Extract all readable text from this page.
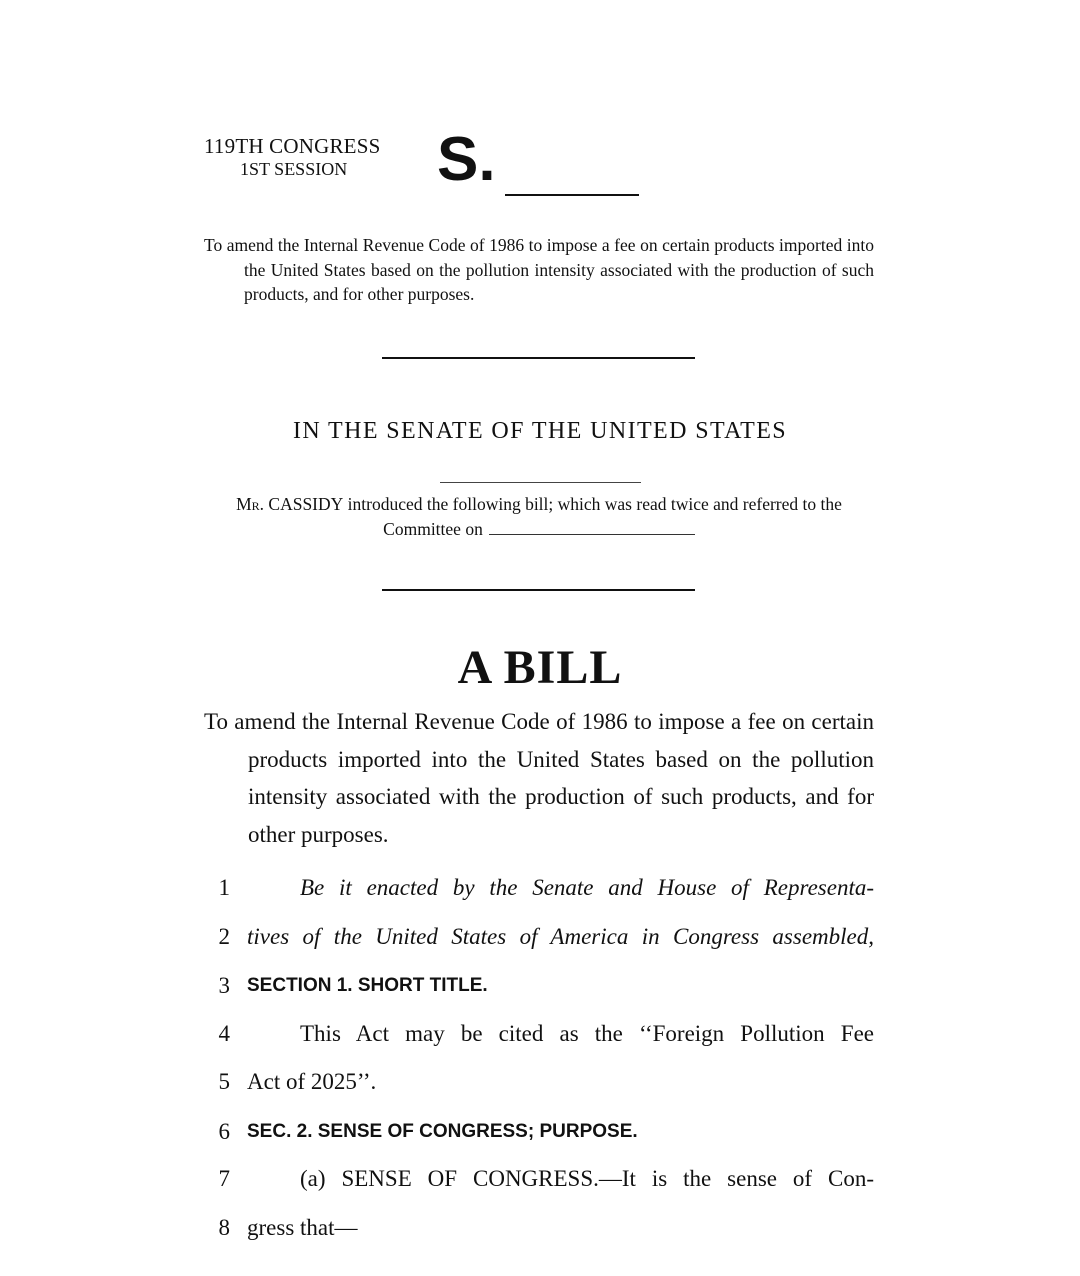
119TH CONGRESS
1ST SESSION S.
To amend the Internal Revenue Code of 1986 to impose a fee on certain products imported into the United States based on the pollution intensity associated with the production of such products, and for other purposes.
IN THE SENATE OF THE UNITED STATES
Mr. CASSIDY introduced the following bill; which was read twice and referred to the Committee on
A BILL
To amend the Internal Revenue Code of 1986 to impose a fee on certain products imported into the United States based on the pollution intensity associated with the production of such products, and for other purposes.
1	Be it enacted by the Senate and House of Representa-
2 tives of the United States of America in Congress assembled,
3 SECTION 1. SHORT TITLE.
4	This Act may be cited as the ‘‘Foreign Pollution Fee
5 Act of 2025’’.
6 SEC. 2. SENSE OF CONGRESS; PURPOSE.
7	(a) SENSE OF CONGRESS.—It is the sense of Con-
8 gress that—
